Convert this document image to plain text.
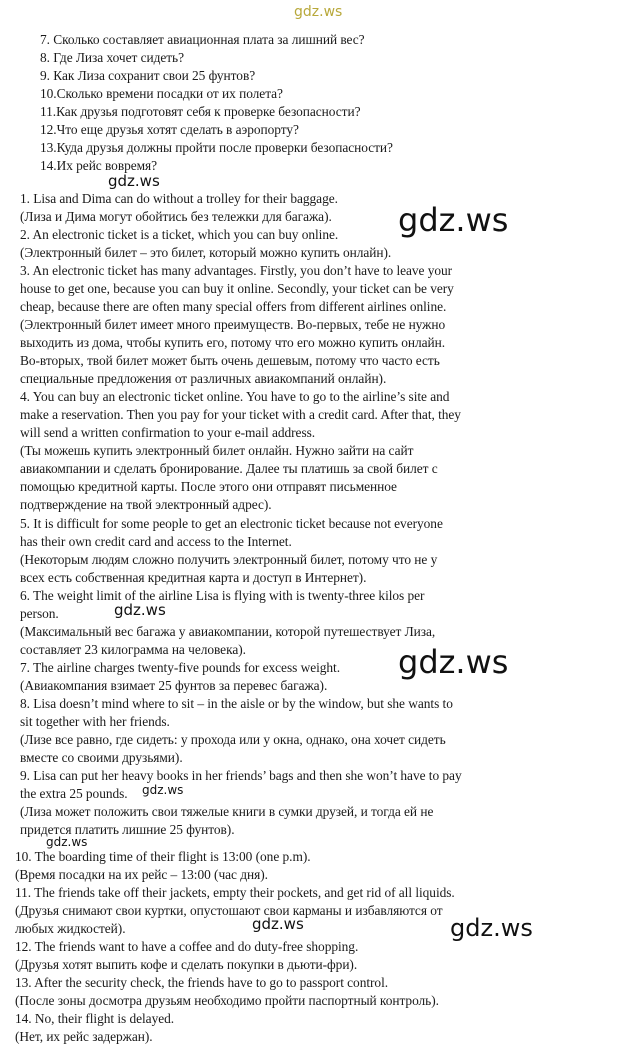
gdz.ws
7. Сколько составляет авиационная плата за лишний вес?
8. Где Лиза хочет сидеть?
9. Как Лиза сохранит свои 25 фунтов?
10.Сколько времени посадки от их полета?
11.Как друзья подготовят себя к проверке безопасности?
12.Что еще друзья хотят сделать в аэропорту?
13.Куда друзья должны пройти после проверки безопасности?
14.Их рейс вовремя?
1. Lisa and Dima can do without a trolley for their baggage.
(Лиза и Дима могут обойтись без тележки для багажа).
2. An electronic ticket is a ticket, which you can buy online.
(Электронный билет – это билет, который можно купить онлайн).
3. An electronic ticket has many advantages. Firstly, you don’t have to leave your
house to get one, because you can buy it online. Secondly, your ticket can be very
cheap, because there are often many special offers from different airlines online.
(Электронный билет имеет много преимуществ. Во-первых, тебе не нужно
выходить из дома, чтобы купить его, потому что его можно купить онлайн.
Во-вторых, твой билет может быть очень дешевым, потому что часто есть
специальные предложения от различных авиакомпаний онлайн).
4. You can buy an electronic ticket online. You have to go to the airline’s site and
make a reservation. Then you pay for your ticket with a credit card. After that, they
will send a written confirmation to your e-mail address.
(Ты можешь купить электронный билет онлайн. Нужно зайти на сайт
авиакомпании и сделать бронирование. Далее ты платишь за свой билет с
помощью кредитной карты. После этого они отправят письменное
подтверждение на твой электронный адрес).
5. It is difficult for some people to get an electronic ticket because not everyone
has their own credit card and access to the Internet.
(Некоторым людям сложно получить электронный билет, потому что не у
всех есть собственная кредитная карта и доступ в Интернет).
6. The weight limit of the airline Lisa is flying with is twenty-three kilos per
person.
(Максимальный вес багажа у авиакомпании, которой путешествует Лиза,
составляет 23 килограмма на человека).
7. The airline charges twenty-five pounds for excess weight.
(Авиакомпания взимает 25 фунтов за перевес багажа).
8. Lisa doesn’t mind where to sit – in the aisle or by the window, but she wants to
sit together with her friends.
(Лизе все равно, где сидеть: у прохода или у окна, однако, она хочет сидеть
вместе со своими друзьями).
9. Lisa can put her heavy books in her friends’ bags and then she won’t have to pay
the extra 25 pounds.
(Лиза может положить свои тяжелые книги в сумки друзей, и тогда ей не
придется платить лишние 25 фунтов).
10. The boarding time of their flight is 13:00 (one p.m).
(Время посадки на их рейс – 13:00 (час дня).
11. The friends take off their jackets, empty their pockets, and get rid of all liquids.
(Друзья снимают свои куртки, опустошают свои карманы и избавляются от
любых жидкостей).
12. The friends want to have a coffee and do duty-free shopping.
(Друзья хотят выпить кофе и сделать покупки в дьюти-фри).
13. After the security check, the friends have to go to passport control.
(После зоны досмотра друзьям необходимо пройти паспортный контроль).
14. No, their flight is delayed.
(Нет, их рейс задержан).
gdz.ws
gdz.ws
gdz.ws
gdz.ws
gdz.ws
gdz.ws
gdz.ws	gdz.ws
